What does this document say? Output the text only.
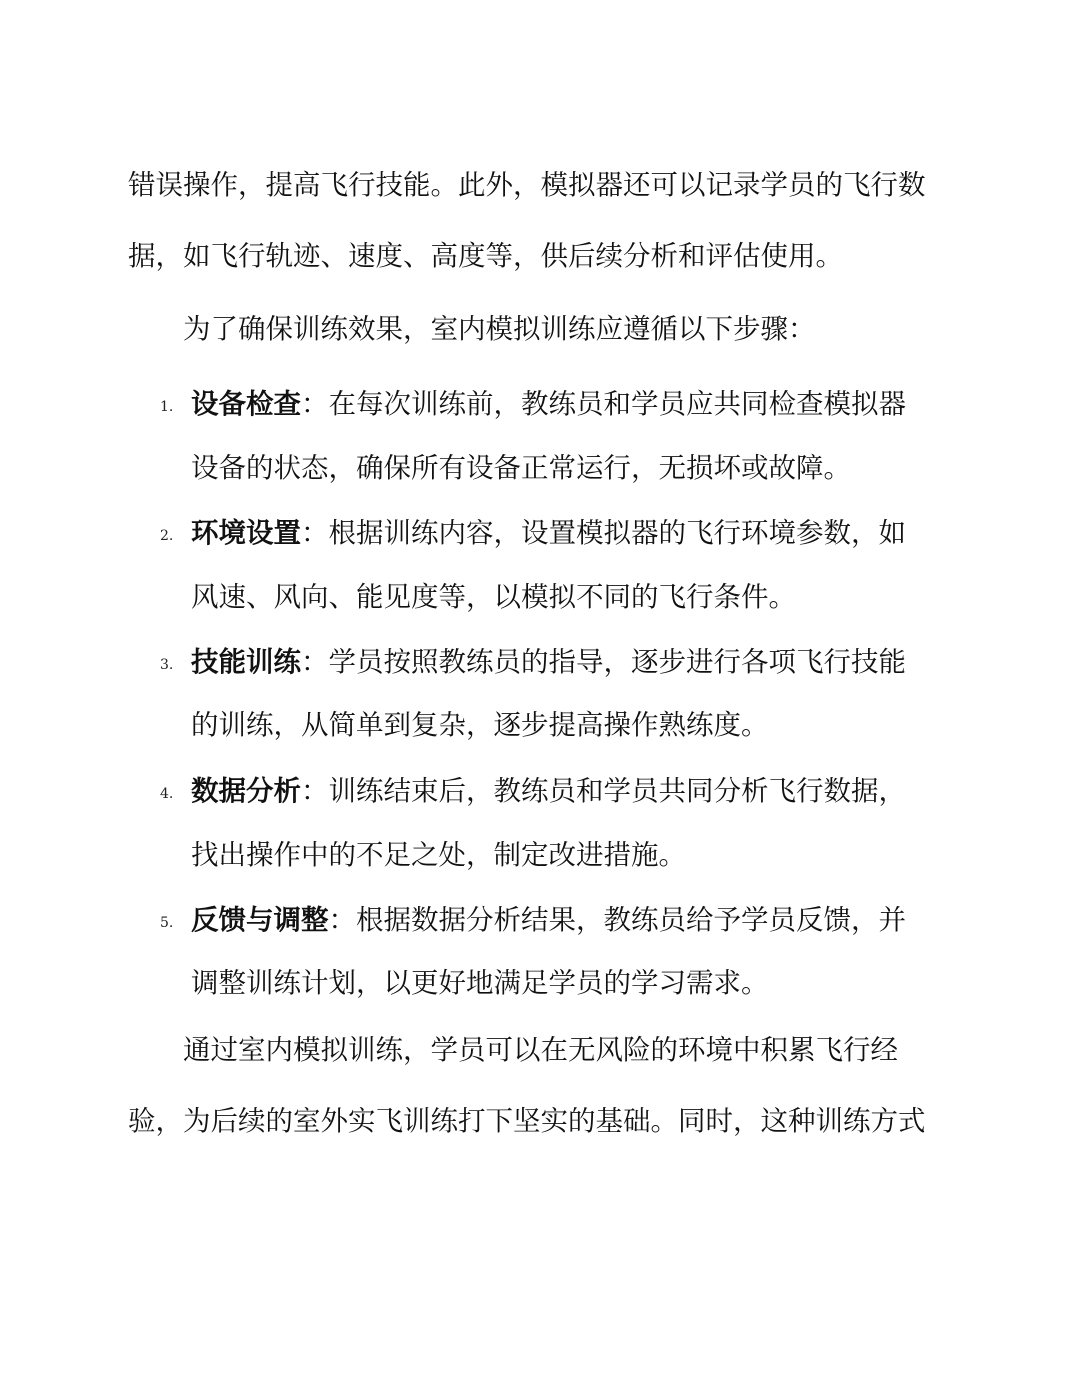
错误操作，提高飞行技能。此外，模拟器还可以记录学员的飞行数
据，如飞行轨迹、速度、高度等，供后续分析和评估使用。
为了确保训练效果，室内模拟训练应遵循以下步骤：
1. 设备检查：在每次训练前，教练员和学员应共同检查模拟器
设备的状态，确保所有设备正常运行，无损坏或故障。
2. 环境设置：根据训练内容，设置模拟器的飞行环境参数，如
风速、风向、能见度等，以模拟不同的飞行条件。
3. 技能训练：学员按照教练员的指导，逐步进行各项飞行技能
的训练，从简单到复杂，逐步提高操作熟练度。
4. 数据分析：训练结束后，教练员和学员共同分析飞行数据，
找出操作中的不足之处，制定改进措施。
5. 反馈与调整：根据数据分析结果，教练员给予学员反馈，并
调整训练计划，以更好地满足学员的学习需求。
通过室内模拟训练，学员可以在无风险的环境中积累飞行经
验，为后续的室外实飞训练打下坚实的基础。同时，这种训练方式
